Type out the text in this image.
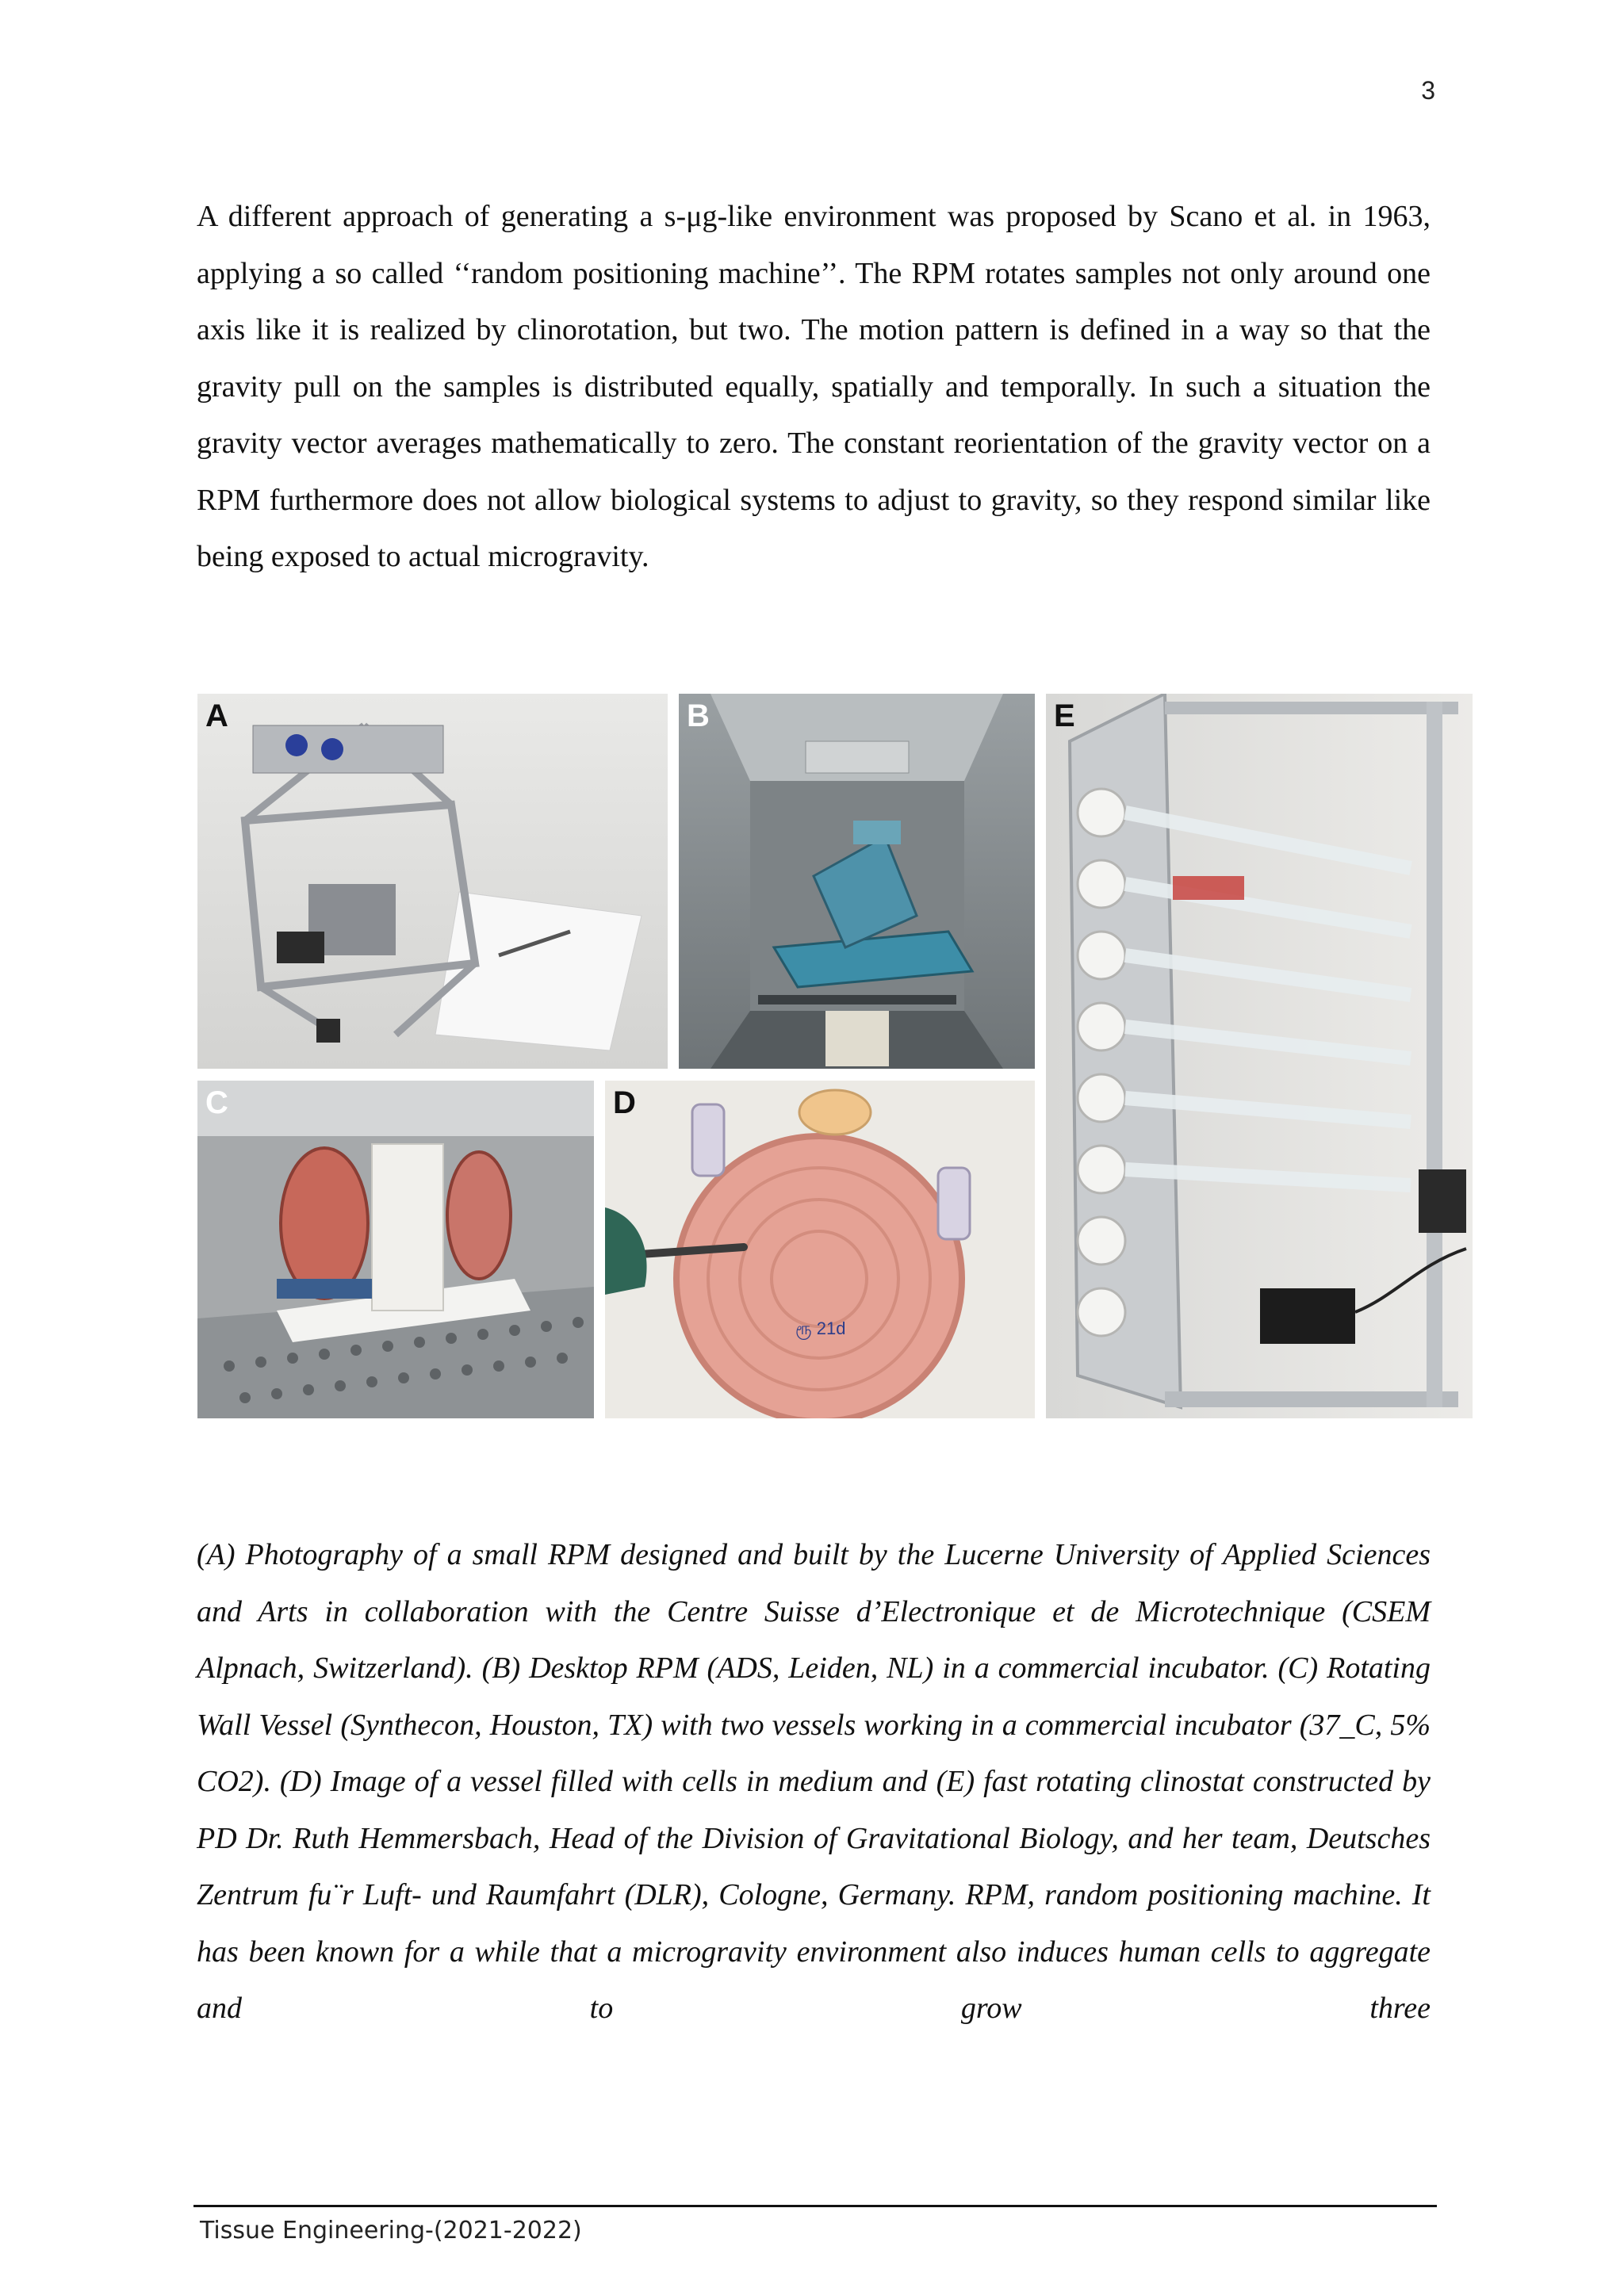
3

A different approach of generating a s-μg-like environment was proposed by Scano et al. in 1963, applying a so called ‘‘random positioning machine’’. The RPM rotates samples not only around one axis like it is realized by clinorotation, but two. The motion pattern is defined in a way so that the gravity pull on the samples is distributed equally, spatially and temporally. In such a situation the gravity vector averages mathematically to zero. The constant reorientation of the gravity vector on a RPM furthermore does not allow biological systems to adjust to gravity, so they respond similar like being exposed to actual microgravity.

A	B	E
C
ரூ 21d
D

(A) Photography of a small RPM designed and built by the Lucerne University of Applied Sciences and Arts in collaboration with the Centre Suisse d’Electronique et de Microtechnique (CSEM Alpnach, Switzerland). (B) Desktop RPM (ADS, Leiden, NL) in a commercial incubator. (C) Rotating Wall Vessel (Synthecon, Houston, TX) with two vessels working in a commercial incubator (37_C, 5% CO2). (D) Image of a vessel filled with cells in medium and (E) fast rotating clinostat constructed by PD Dr. Ruth Hemmersbach, Head of the Division of Gravitational Biology, and her team, Deutsches Zentrum fu¨r Luft- und Raumfahrt (DLR), Cologne, Germany. RPM, random positioning machine. It has been known for a while that a microgravity environment also induces human cells to aggregate and to grow three

Tissue Engineering-(2021-2022)
